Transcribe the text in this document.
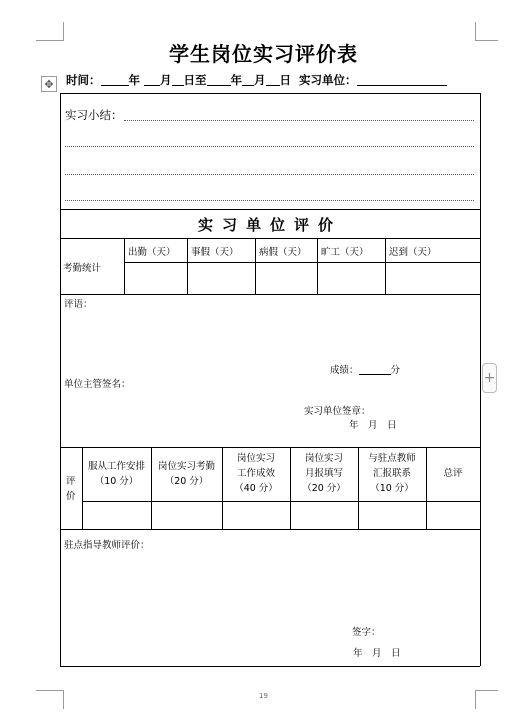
学生岗位实习评价表
✥ 时间： 年 月 日至 年 月 日 实习单位：
实习小结：
实习单位评价
考勤统计
出勤（天） 事假（天） 病假（天） 旷工（天） 迟到（天）
评语：
成绩：	分
单位主管签名：
实习单位签章：
年　月　日
评
价
服从工作安排
（10 分）
岗位实习考勤
（20 分）
岗位实习
工作成效
（40 分）
岗位实习
月报填写
（20 分）
与驻点教师
汇报联系
（10 分）
总评
驻点指导教师评价：
签字：
年　月　日
+
19
